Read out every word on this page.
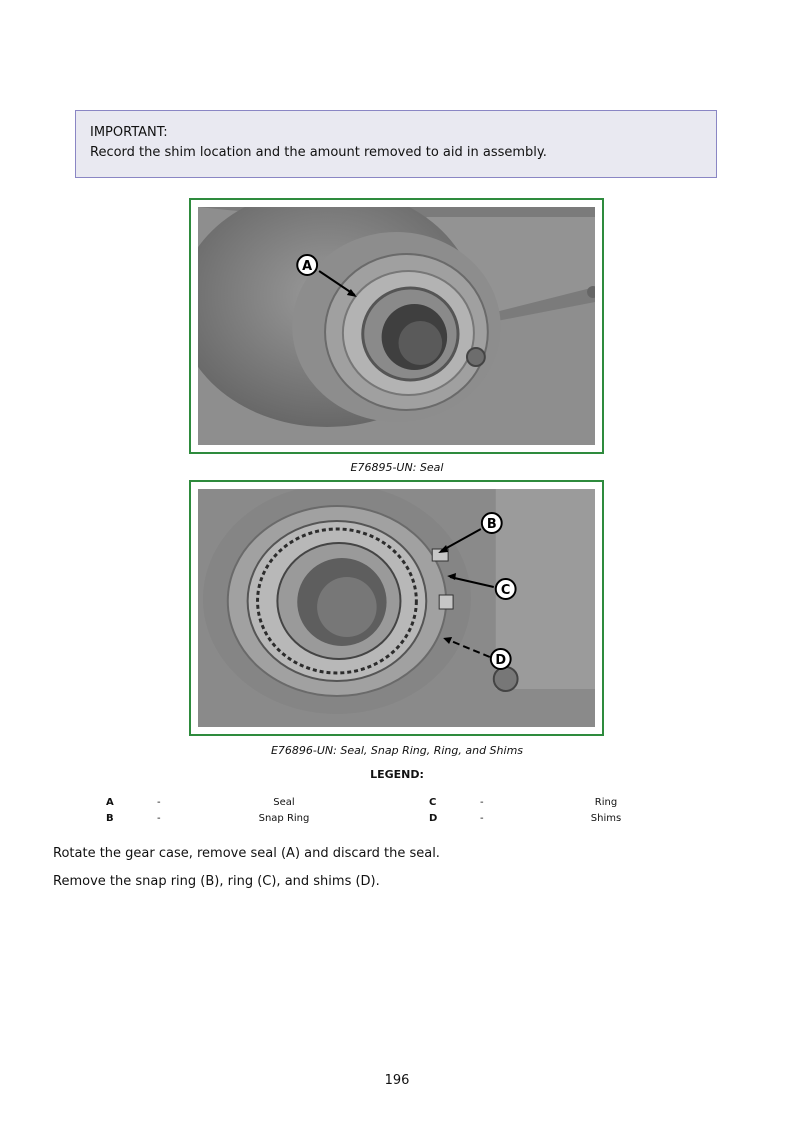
IMPORTANT:
Record the shim location and the amount removed to aid in assembly.
A
E76895-UN: Seal
B
C
D
E76896-UN: Seal, Snap Ring, Ring, and Shims
LEGEND:
A	-	Seal	C	-	Ring
B	-	Snap Ring	D	-	Shims
Rotate the gear case, remove seal (A) and discard the seal.
Remove the snap ring (B), ring (C), and shims (D).
196
